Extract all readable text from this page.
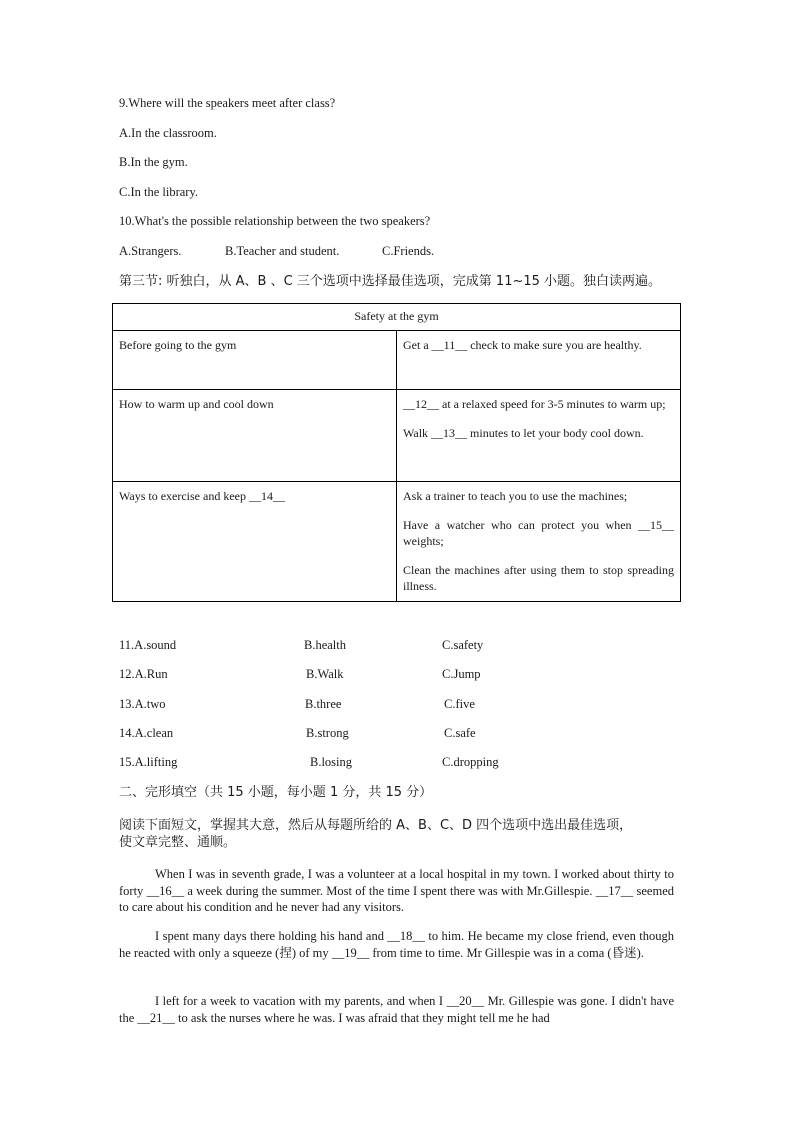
9.Where will the speakers meet after class?
A.In the classroom.
B.In the gym.
C.In the library.
10.What's the possible relationship between the two speakers?
A.Strangers.	B.Teacher and student.	C.Friends.
第三节: 听独白，从 A、B 、C 三个选项中选择最佳选项，完成第 11~15 小题。独白读两遍。
Safety at the gym	
Before going to the gym	Get a __11__ check to make sure you are healthy.

How to warm up and cool down	__12__ at a relaxed speed for 3-5 minutes to warm up;

Walk __13__ minutes to let your body cool down.

Ways to exercise and keep __14__	Ask a trainer to teach you to use the machines;

Have a watcher who can protect you when __15__ weights;

Clean the machines after using them to stop spreading illness.

11.A.sound	B.health	C.safety
12.A.Run	B.Walk	C.Jump
13.A.two	B.three	C.five
14.A.clean	B.strong	C.safe
15.A.lifting	B.losing	C.dropping
二、完形填空（共 15 小题，每小题 1 分，共 15 分）
阅读下面短文，掌握其大意，然后从每题所给的 A、B、C、D 四个选项中选出最佳选项，
使文章完整、通顺。
When I was in seventh grade, I was a volunteer at a local hospital in my town. I worked about thirty to forty __16__ a week during the summer. Most of the time I spent there was with Mr.Gillespie. __17__ seemed to care about his condition and he never had any visitors.
I spent many days there holding his hand and __18__ to him. He became my close friend, even though he reacted with only a squeeze (捏) of my __19__ from time to time. Mr Gillespie was in a coma (昏迷).
I left for a week to vacation with my parents, and when I __20__ Mr. Gillespie was gone. I didn't have the __21__ to ask the nurses where he was. I was afraid that they might tell me he had
